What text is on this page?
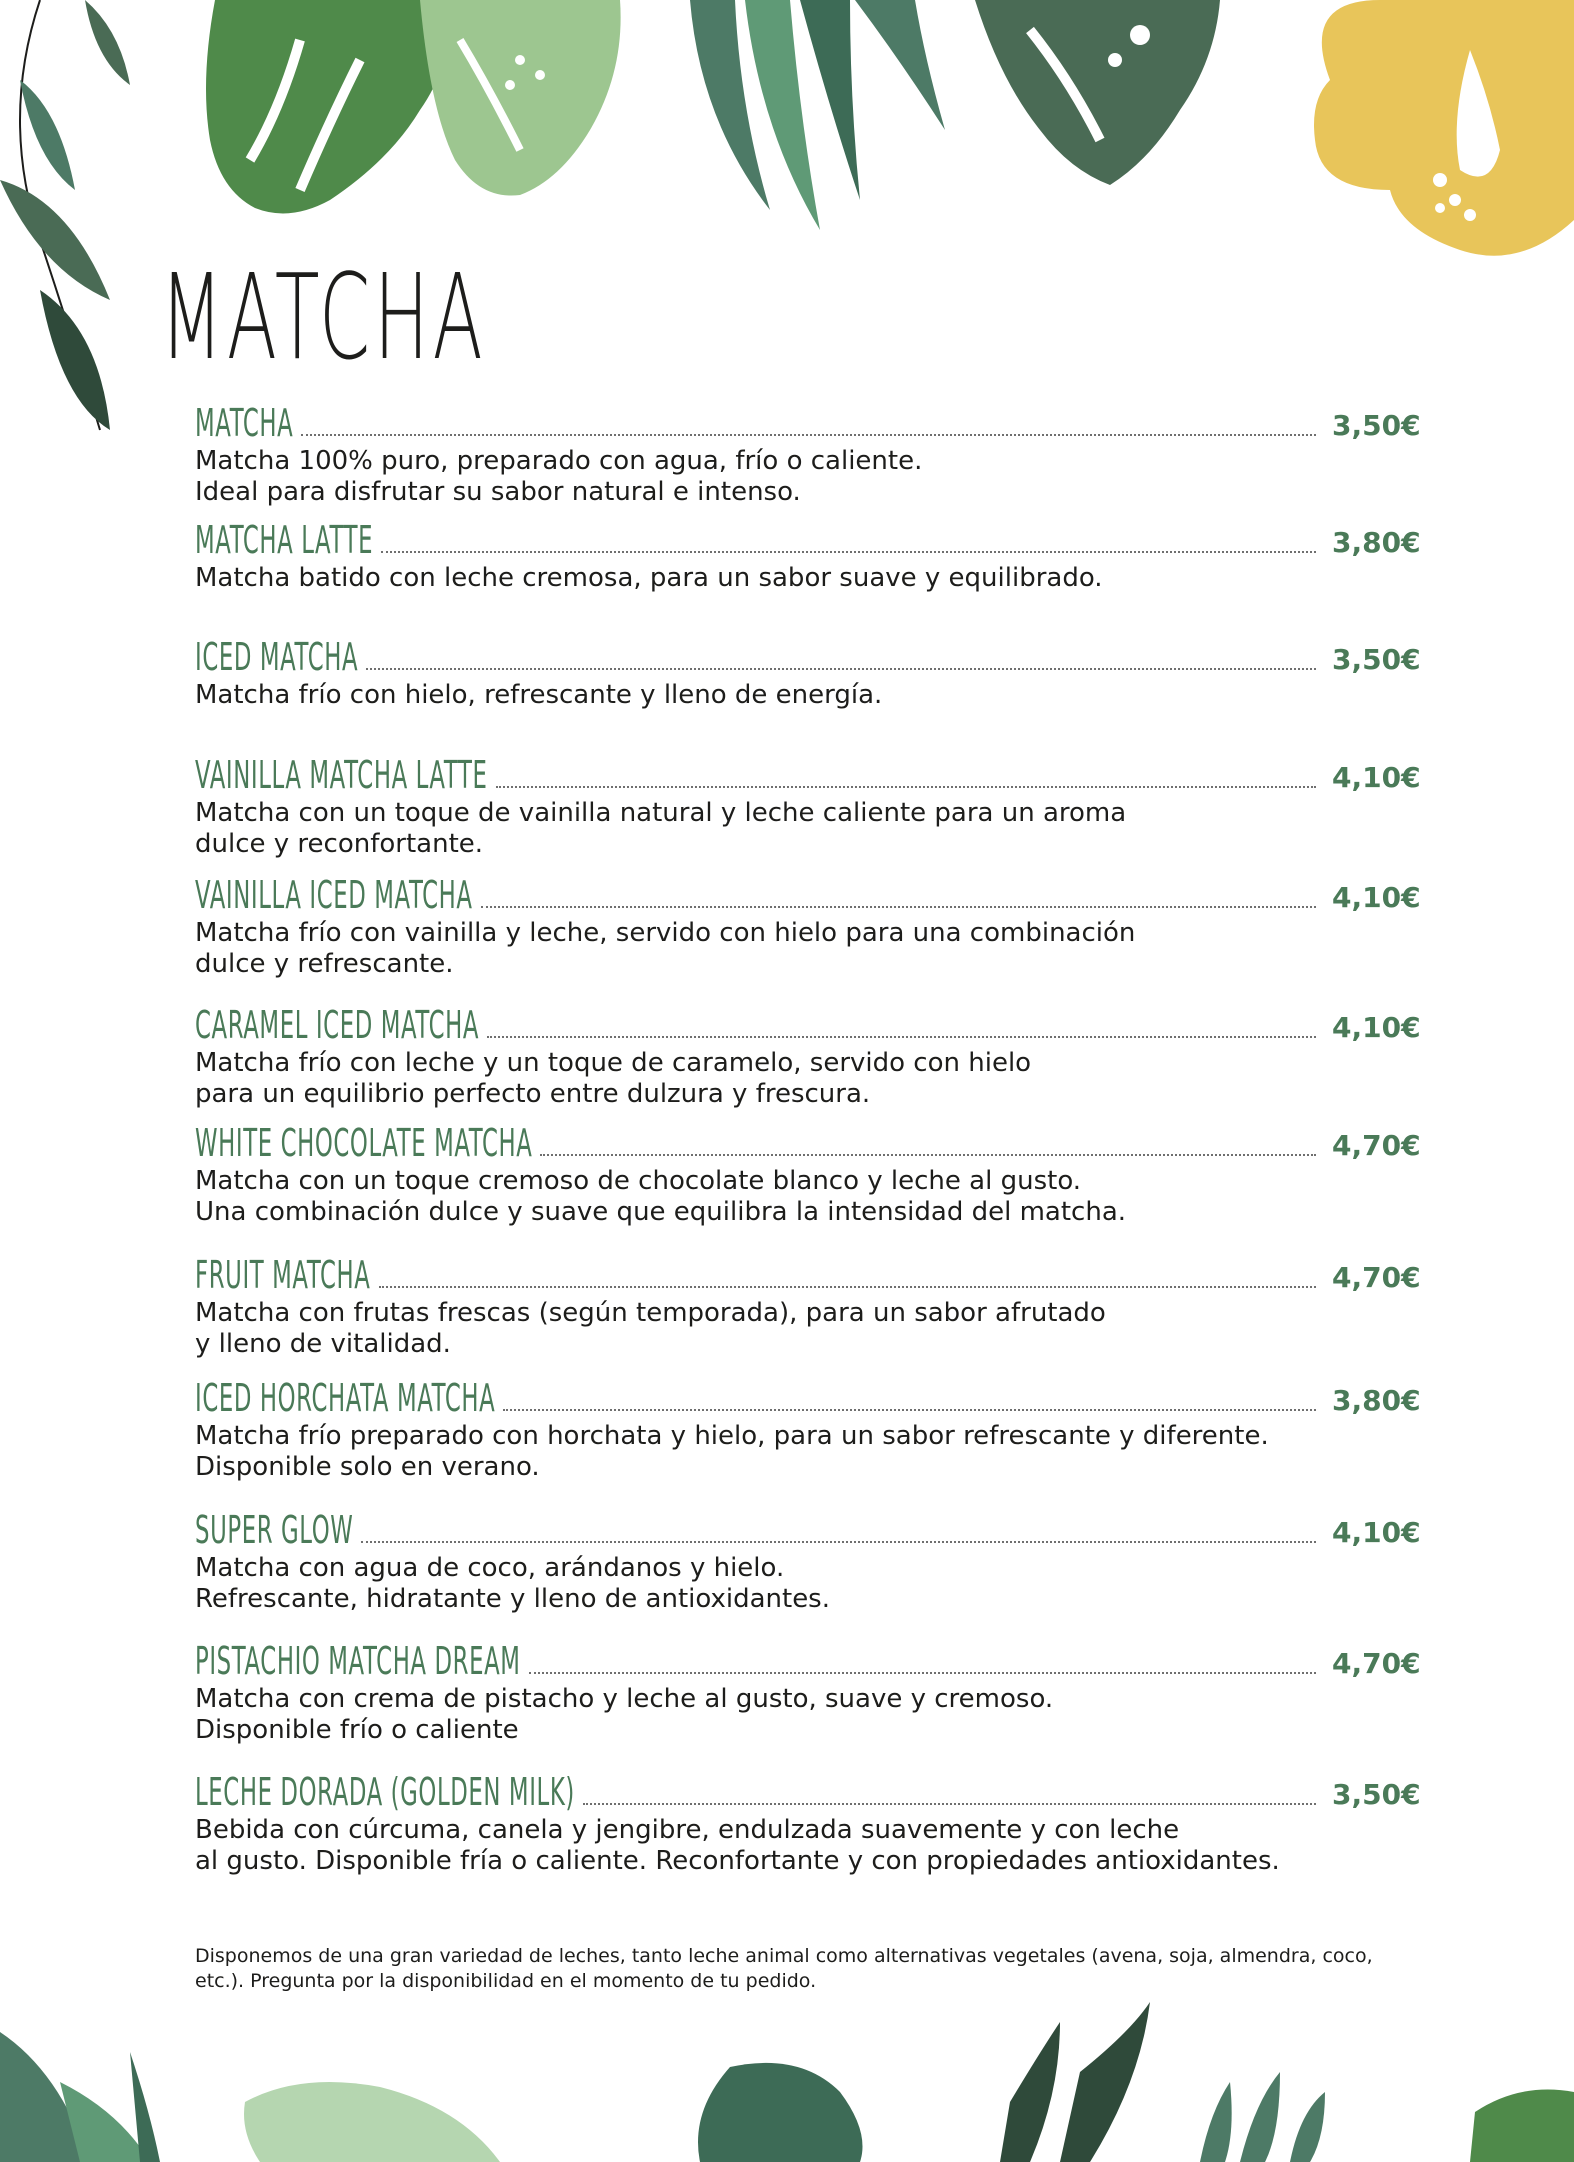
MATCHA
MATCHA	3,50€
Matcha 100% puro, preparado con agua, frío o caliente.
Ideal para disfrutar su sabor natural e intenso.
MATCHA LATTE	3,80€
Matcha batido con leche cremosa, para un sabor suave y equilibrado.
ICED MATCHA	3,50€
Matcha frío con hielo, refrescante y lleno de energía.
VAINILLA MATCHA LATTE	4,10€
Matcha con un toque de vainilla natural y leche caliente para un aroma
dulce y reconfortante.
VAINILLA ICED MATCHA	4,10€
Matcha frío con vainilla y leche, servido con hielo para una combinación
dulce y refrescante.
CARAMEL ICED MATCHA	4,10€
Matcha frío con leche y un toque de caramelo, servido con hielo
para un equilibrio perfecto entre dulzura y frescura.
WHITE CHOCOLATE MATCHA	4,70€
Matcha con un toque cremoso de chocolate blanco y leche al gusto.
Una combinación dulce y suave que equilibra la intensidad del matcha.
FRUIT MATCHA	4,70€
Matcha con frutas frescas (según temporada), para un sabor afrutado
y lleno de vitalidad.
ICED HORCHATA MATCHA	3,80€
Matcha frío preparado con horchata y hielo, para un sabor refrescante y diferente.
Disponible solo en verano.
SUPER GLOW	4,10€
Matcha con agua de coco, arándanos y hielo.
Refrescante, hidratante y lleno de antioxidantes.
PISTACHIO MATCHA DREAM	4,70€
Matcha con crema de pistacho y leche al gusto, suave y cremoso.
Disponible frío o caliente
LECHE DORADA (GOLDEN MILK)	3,50€
Bebida con cúrcuma, canela y jengibre, endulzada suavemente y con leche
al gusto. Disponible fría o caliente. Reconfortante y con propiedades antioxidantes.
Disponemos de una gran variedad de leches, tanto leche animal como alternativas vegetales (avena, soja, almendra, coco, etc.). Pregunta por la disponibilidad en el momento de tu pedido.
